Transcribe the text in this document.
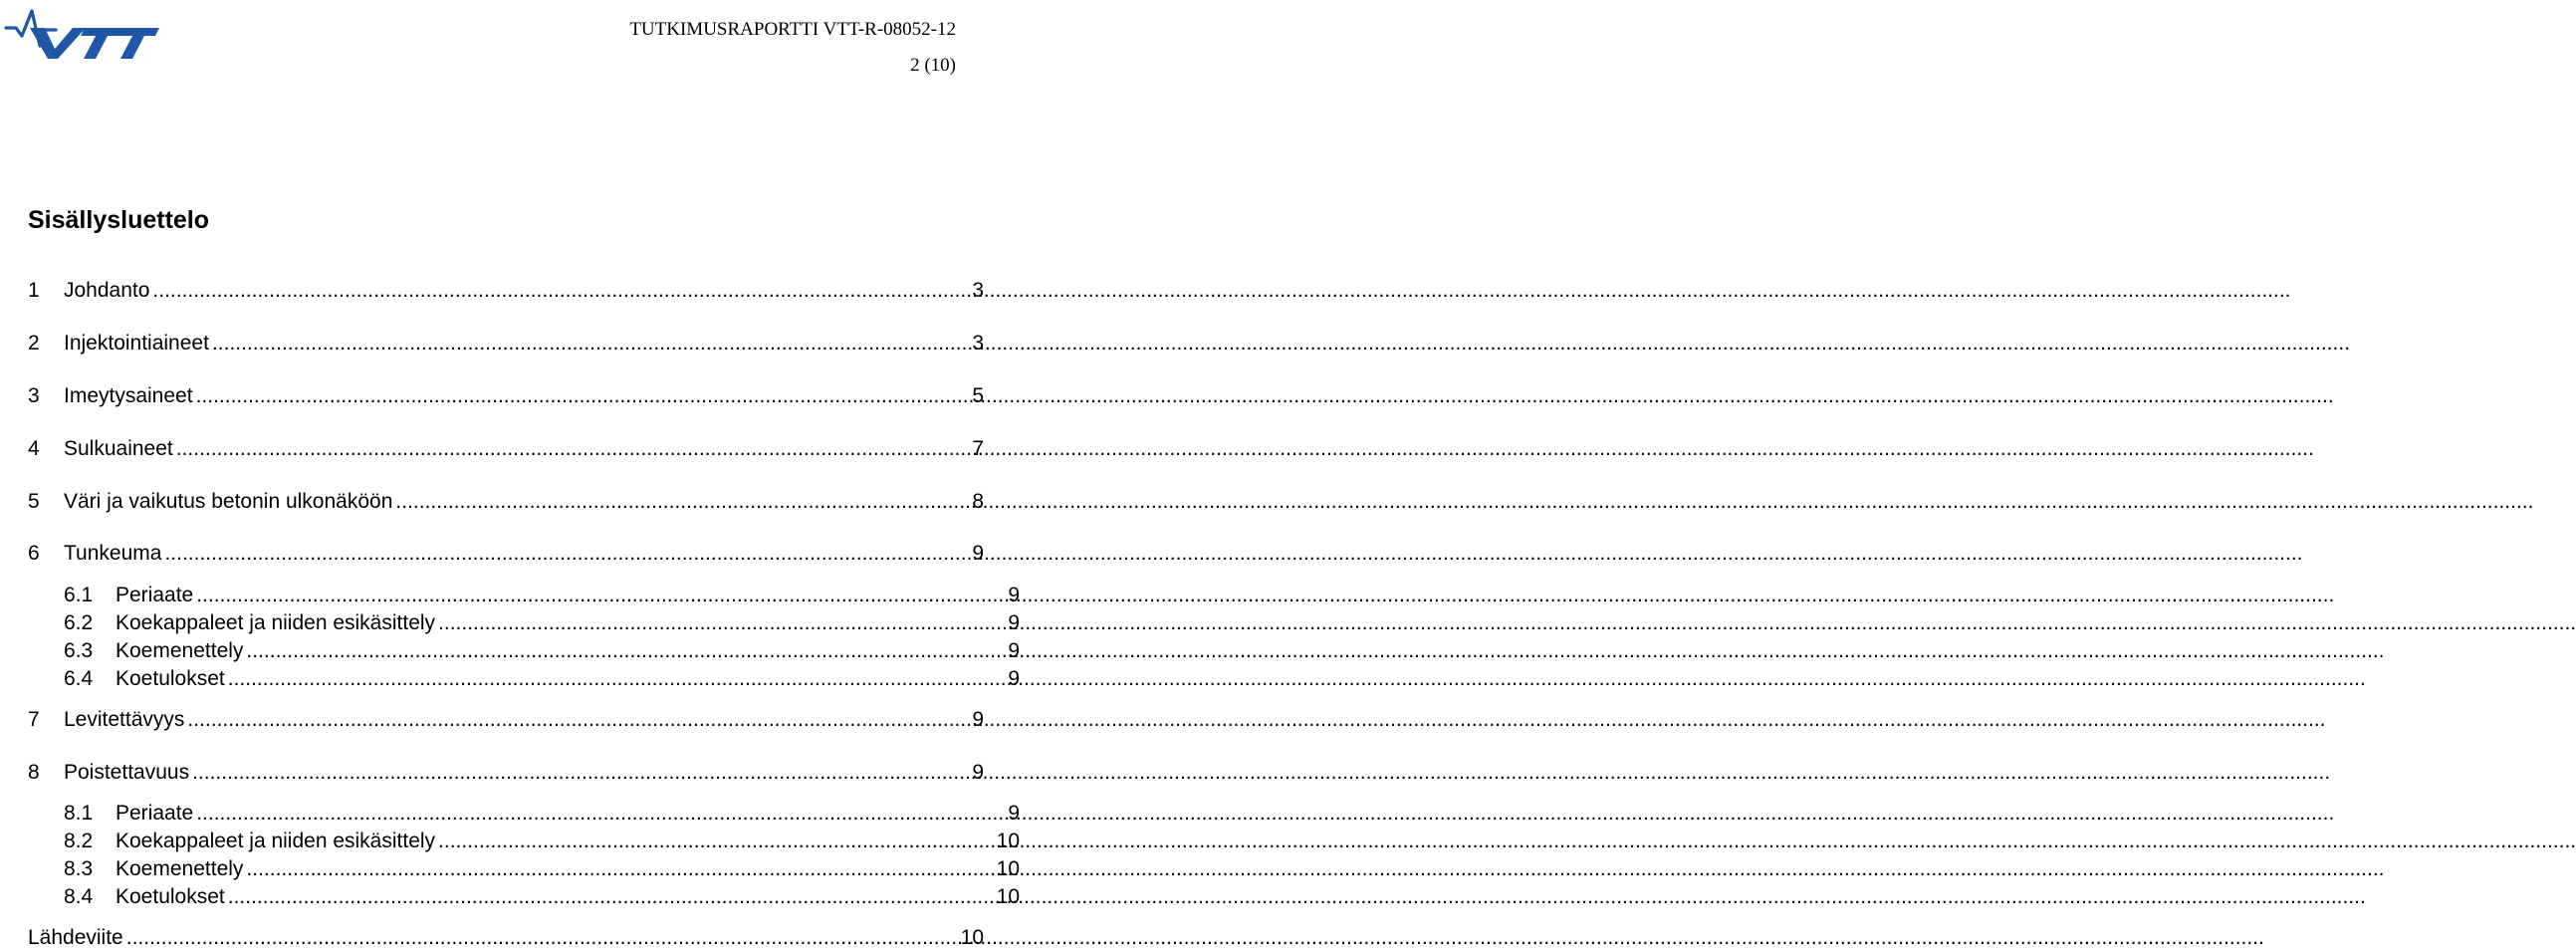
TUTKIMUSRAPORTTI VTT-R-08052-12
2 (10)
Sisällysluettelo
1	Johdanto .....	3
2	Injektointiaineet .....	3
3	Imeytysaineet .....	5
4	Sulkuaineet .....	7
5	Väri ja vaikutus betonin ulkonäköön .....	8
6	Tunkeuma .....	9
6.1	Periaate .....	9
6.2	Koekappaleet ja niiden esikäsittely .....	9
6.3	Koemenettely .....	9
6.4	Koetulokset .....	9
7	Levitettävyys .....	9
8	Poistettavuus .....	9
8.1	Periaate .....	9
8.2	Koekappaleet ja niiden esikäsittely .....	10
8.3	Koemenettely .....	10
8.4	Koetulokset .....	10
Lähdeviite .....	10
